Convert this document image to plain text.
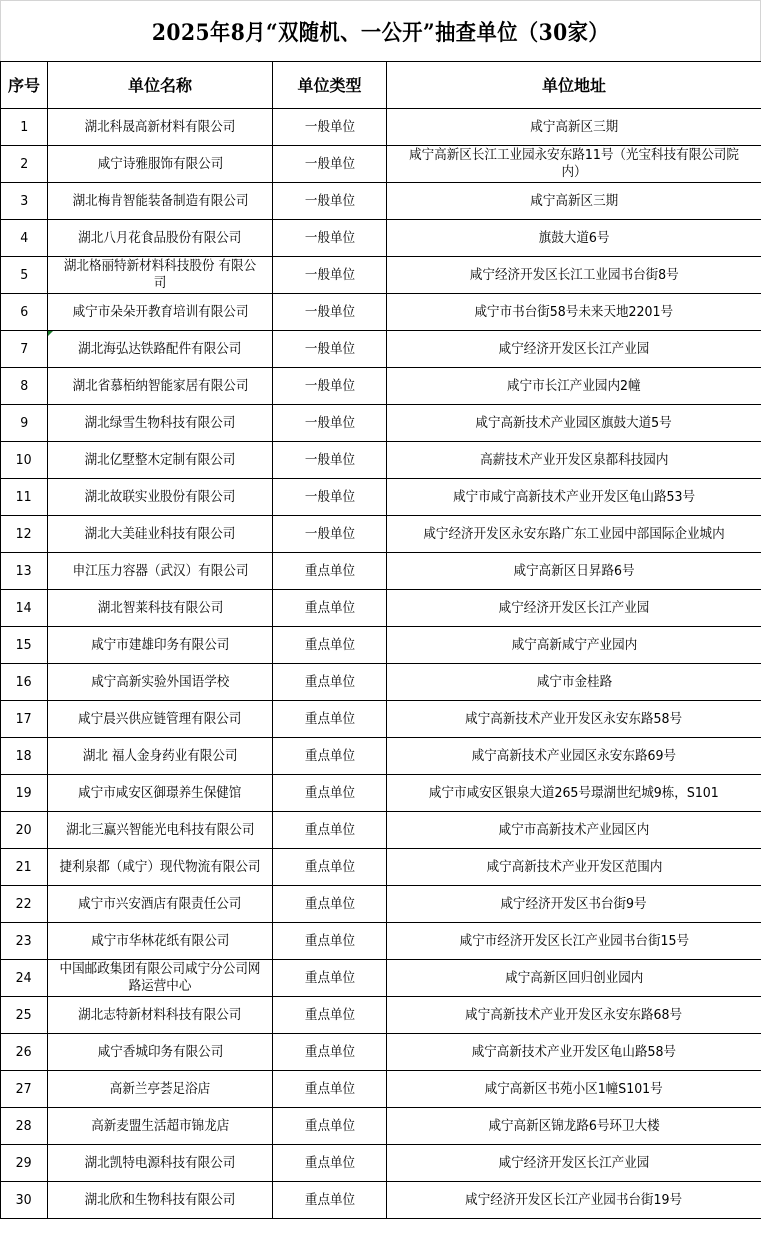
2025年8月“双随机、一公开”抽查单位（30家）
序号	单位名称	单位类型	单位地址
1	湖北科晟高新材料有限公司	一般单位	咸宁高新区三期
2	咸宁诗雅服饰有限公司	一般单位	咸宁高新区长江工业园永安东路11号（光宝科技有限公司院内）
3	湖北梅肯智能装备制造有限公司	一般单位	咸宁高新区三期
4	湖北八月花食品股份有限公司	一般单位	旗鼓大道6号
5	湖北格丽特新材料科技股份 有限公司	一般单位	咸宁经济开发区长江工业园书台街8号
6	咸宁市朵朵开教育培训有限公司	一般单位	咸宁市书台街58号未来天地2201号
7	湖北海弘达铁路配件有限公司	一般单位	咸宁经济开发区长江产业园
8	湖北省慕栢纳智能家居有限公司	一般单位	咸宁市长江产业园内2幢
9	湖北绿雪生物科技有限公司	一般单位	咸宁高新技术产业园区旗鼓大道5号
10	湖北亿墅整木定制有限公司	一般单位	高薪技术产业开发区泉都科技园内
11	湖北故联实业股份有限公司	一般单位	咸宁市咸宁高新技术产业开发区龟山路53号
12	湖北大美硅业科技有限公司	一般单位	咸宁经济开发区永安东路广东工业园中部国际企业城内
13	申江压力容器（武汉）有限公司	重点单位	咸宁高新区日昇路6号
14	湖北智莱科技有限公司	重点单位	咸宁经济开发区长江产业园
15	咸宁市建雄印务有限公司	重点单位	咸宁高新咸宁产业园内
16	咸宁高新实验外国语学校	重点单位	咸宁市金桂路
17	咸宁晨兴供应链管理有限公司	重点单位	咸宁高新技术产业开发区永安东路58号
18	湖北 福人金身药业有限公司	重点单位	咸宁高新技术产业园区永安东路69号
19	咸宁市咸安区御璟养生保健馆	重点单位	咸宁市咸安区银泉大道265号璟湖世纪城9栋，S101
20	湖北三赢兴智能光电科技有限公司	重点单位	咸宁市高新技术产业园区内
21	捷利泉都（咸宁）现代物流有限公司	重点单位	咸宁高新技术产业开发区范围内
22	咸宁市兴安酒店有限责任公司	重点单位	咸宁经济开发区书台街9号
23	咸宁市华林花纸有限公司	重点单位	咸宁市经济开发区长江产业园书台街15号
24	中国邮政集团有限公司咸宁分公司网路运营中心	重点单位	咸宁高新区回归创业园内
25	湖北志特新材料科技有限公司	重点单位	咸宁高新技术产业开发区永安东路68号
26	咸宁香城印务有限公司	重点单位	咸宁高新技术产业开发区龟山路58号
27	高新兰亭荟足浴店	重点单位	咸宁高新区书苑小区1幢S101号
28	高新麦盟生活超市锦龙店	重点单位	咸宁高新区锦龙路6号环卫大楼
29	湖北凯特电源科技有限公司	重点单位	咸宁经济开发区长江产业园
30	湖北欣和生物科技有限公司	重点单位	咸宁经济开发区长江产业园书台街19号
